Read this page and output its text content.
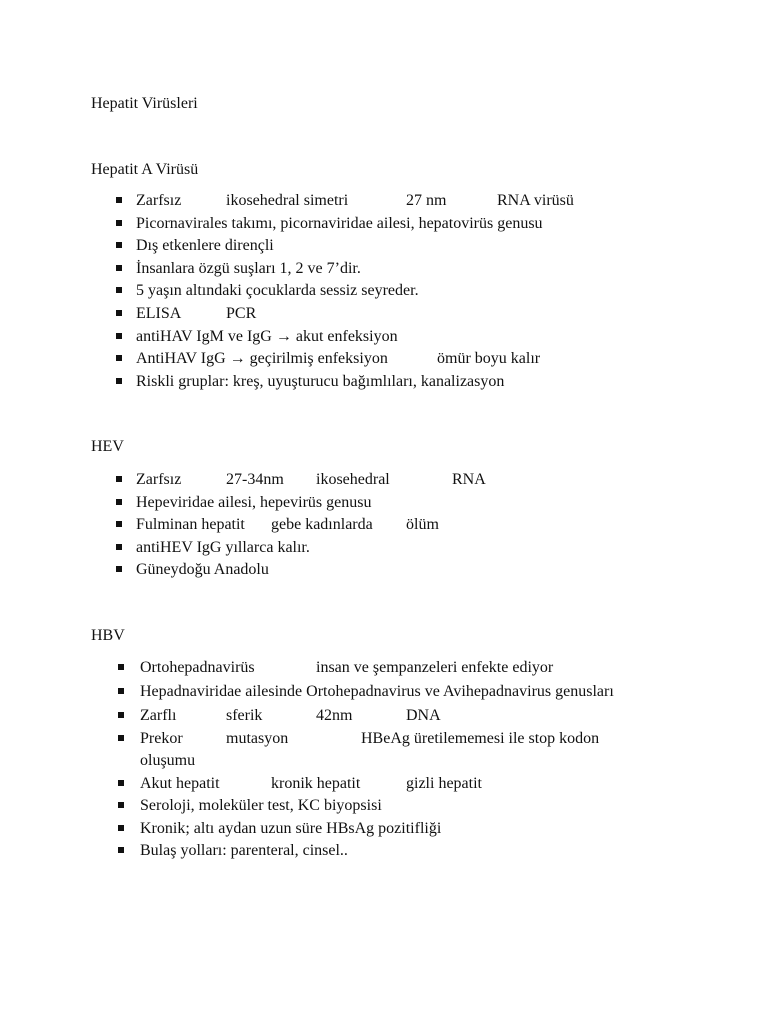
Hepatit Virüsleri
Hepatit A Virüsü
Zarfsız	ikosehedral simetri	27 nm	RNA virüsü
Picornavirales takımı, picornaviridae ailesi, hepatovirüs genusu
Dış etkenlere dirençli
İnsanlara özgü suşları 1, 2 ve 7’dir.
5 yaşın altındaki çocuklarda sessiz seyreder.
ELISA	PCR
antiHAV IgM ve IgG → akut enfeksiyon
AntiHAV IgG → geçirilmiş enfeksiyon	ömür boyu kalır
Riskli gruplar: kreş, uyuşturucu bağımlıları, kanalizasyon
HEV
Zarfsız	27-34nm ikosehedral	RNA
Hepeviridae ailesi, hepevirüs genusu
Fulminan hepatit gebe kadınlarda ölüm
antiHEV IgG yıllarca kalır.
Güneydoğu Anadolu
HBV
Ortohepadnavirüs	insan ve şempanzeleri enfekte ediyor
Hepadnaviridae ailesinde Ortohepadnavirus ve Avihepadnavirus genusları
Zarflı	sferik	42nm	DNA
Prekor	mutasyon	HBeAg üretilememesi ile stop kodon
oluşumu
Akut hepatit	kronik hepatit	gizli hepatit
Seroloji, moleküler test, KC biyopsisi
Kronik; altı aydan uzun süre HBsAg pozitifliği
Bulaş yolları: parenteral, cinsel..
